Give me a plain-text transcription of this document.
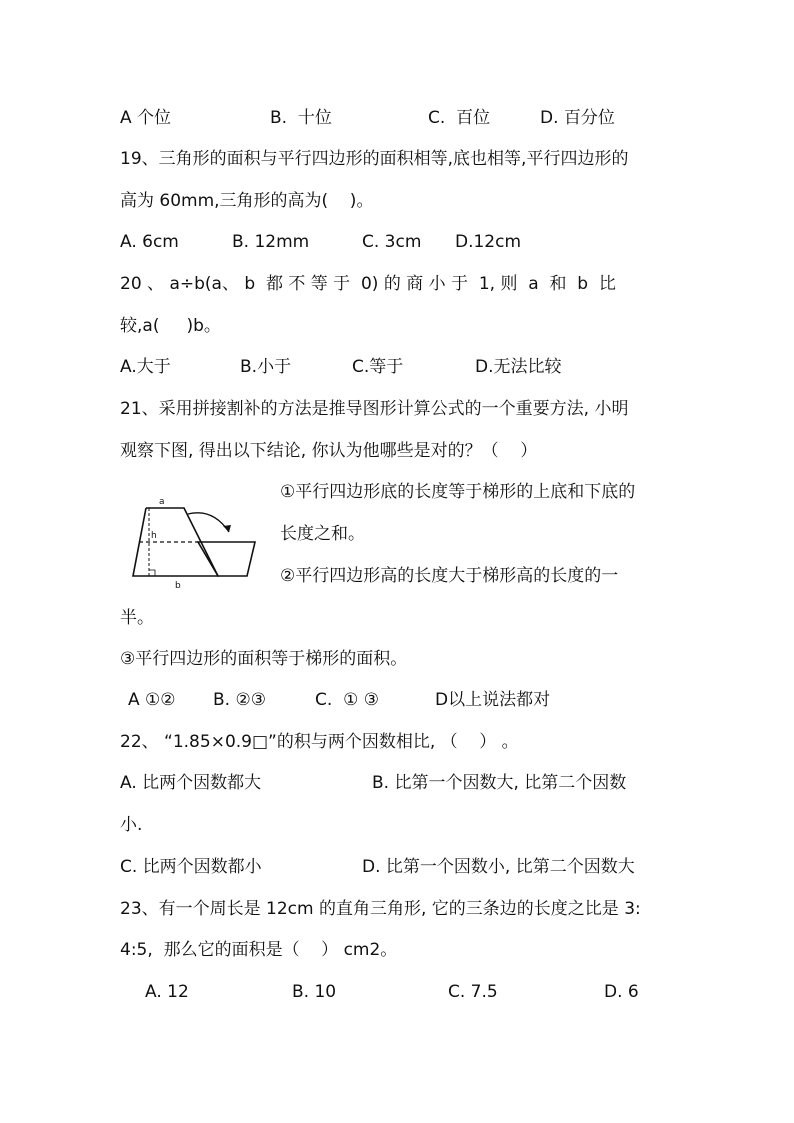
A 个位	B.  十位	C.  百位	D. 百分位
19、三角形的面积与平行四边形的面积相等,底也相等,平行四边形的
高为 60mm,三角形的高为(    )。
A. 6cm	B. 12mm	C. 3cm D.12cm
20 、 a÷b(a、 b  都 不 等 于  0) 的 商 小 于  1, 则  a  和  b  比
较,a(     )b。
A.大于	B.小于	C.等于	D.无法比较
21、采用拼接割补的方法是推导图形计算公式的一个重要方法, 小明
观察下图, 得出以下结论, 你认为他哪些是对的？（    ）
a
h
b
①平行四边形底的长度等于梯形的上底和下底的
长度之和。
②平行四边形高的长度大于梯形高的长度的一
半。
③平行四边形的面积等于梯形的面积。
A ①② B. ②③	C.  ① ③	D以上说法都对
22、 “1.85×0.9□”的积与两个因数相比, （    ） 。
A. 比两个因数都大	B. 比第一个因数大, 比第二个因数
小.
C. 比两个因数都小	D. 比第一个因数小, 比第二个因数大
23、有一个周长是 12cm 的直角三角形, 它的三条边的长度之比是 3:
4:5,  那么它的面积是（    ） cm2。
A. 12	B. 10	C. 7.5	D. 6
